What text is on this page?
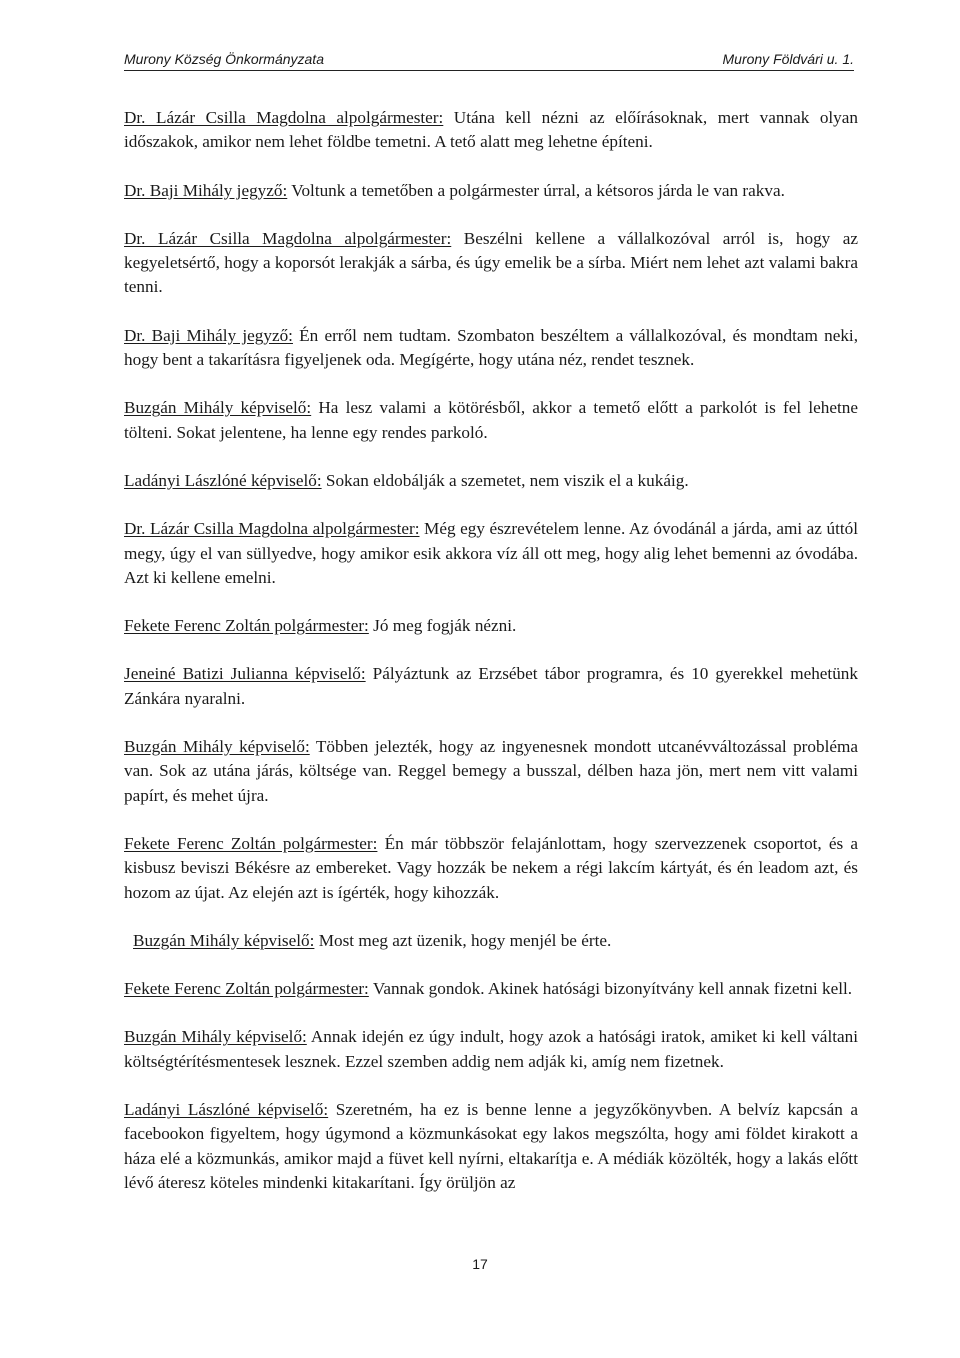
Murony Község Önkormányzata	Murony Földvári u. 1.

Dr. Lázár Csilla Magdolna alpolgármester: Utána kell nézni az előírásoknak, mert vannak olyan időszakok, amikor nem lehet földbe temetni. A tető alatt meg lehetne építeni.

Dr. Baji Mihály jegyző: Voltunk a temetőben a polgármester úrral, a kétsoros járda le van rakva.

Dr. Lázár Csilla Magdolna alpolgármester: Beszélni kellene a vállalkozóval arról is, hogy az kegyeletsértő, hogy a koporsót lerakják a sárba, és úgy emelik be a sírba. Miért nem lehet azt valami bakra tenni.

Dr. Baji Mihály jegyző: Én erről nem tudtam. Szombaton beszéltem a vállalkozóval, és mondtam neki, hogy bent a takarításra figyeljenek oda. Megígérte, hogy utána néz, rendet tesznek.

Buzgán Mihály képviselő: Ha lesz valami a kötörésből, akkor a temető előtt a parkolót is fel lehetne tölteni. Sokat jelentene, ha lenne egy rendes parkoló.

Ladányi Lászlóné képviselő: Sokan eldobálják a szemetet, nem viszik el a kukáig.

Dr. Lázár Csilla Magdolna alpolgármester: Még egy észrevételem lenne. Az óvodánál a járda, ami az úttól megy, úgy el van süllyedve, hogy amikor esik akkora víz áll ott meg, hogy alig lehet bemenni az óvodába. Azt ki kellene emelni.

Fekete Ferenc Zoltán polgármester: Jó meg fogják nézni.

Jeneiné Batizi Julianna képviselő: Pályáztunk az Erzsébet tábor programra, és 10 gyerekkel mehetünk Zánkára nyaralni.

Buzgán Mihály képviselő: Többen jelezték, hogy az ingyenesnek mondott utcanévváltozással probléma van. Sok az utána járás, költsége van. Reggel bemegy a busszal, délben haza jön, mert nem vitt valami papírt, és mehet újra.

Fekete Ferenc Zoltán polgármester: Én már többször felajánlottam, hogy szervezzenek csoportot, és a kisbusz beviszi Békésre az embereket. Vagy hozzák be nekem a régi lakcím kártyát, és én leadom azt, és hozom az újat. Az elején azt is ígérték, hogy kihozzák.

Buzgán Mihály képviselő: Most meg azt üzenik, hogy menjél be érte.

Fekete Ferenc Zoltán polgármester: Vannak gondok. Akinek hatósági bizonyítvány kell annak fizetni kell.

Buzgán Mihály képviselő: Annak idején ez úgy indult, hogy azok a hatósági iratok, amiket ki kell váltani költségtérítésmentesek lesznek. Ezzel szemben addig nem adják ki, amíg nem fizetnek.

Ladányi Lászlóné képviselő: Szeretném, ha ez is benne lenne a jegyzőkönyvben. A belvíz kapcsán a facebookon figyeltem, hogy úgymond a közmunkásokat egy lakos megszólta, hogy ami földet kirakott a háza elé a közmunkás, amikor majd a füvet kell nyírni, eltakarítja e. A médiák közölték, hogy a lakás előtt lévő áteresz köteles mindenki kitakarítani. Így örüljön az

17
